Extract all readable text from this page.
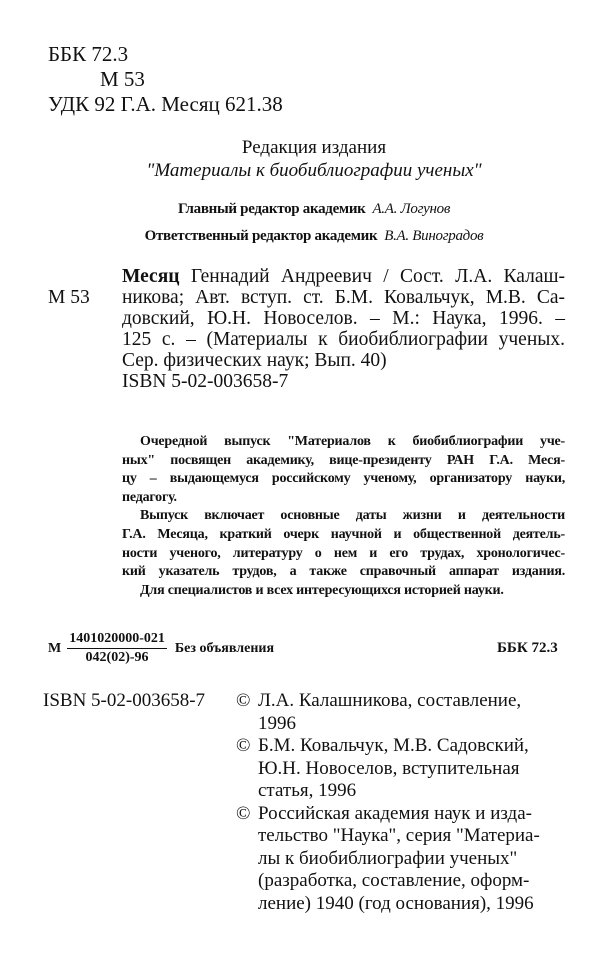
ББК 72.3
М 53
УДК 92 Г.А. Месяц 621.38
Редакция издания
"Материалы к биобиблиографии ученых"
Главный редактор академик А.А. Логунов
Ответственный редактор академик В.А. Виноградов
М 53
Месяц Геннадий Андреевич / Сост. Л.А. Калаш-
никова; Авт. вступ. ст. Б.М. Ковальчук, М.В. Са-
довский, Ю.Н. Новоселов. – М.: Наука, 1996. –
125 с. – (Материалы к биобиблиографии ученых.
Сер. физических наук; Вып. 40)
ISBN 5-02-003658-7
Очередной выпуск "Материалов к биобиблиографии уче-
ных" посвящен академику, вице-президенту РАН Г.А. Меся-
цу – выдающемуся российскому ученому, организатору науки,
педагогу.
Выпуск включает основные даты жизни и деятельности
Г.А. Месяца, краткий очерк научной и общественной деятель-
ности ученого, литературу о нем и его трудах, хронологичес-
кий указатель трудов, а также справочный аппарат издания.
Для специалистов и всех интересующихся историей науки.
М $\frac{1401020000-021}{042(02)-96}$ Без объявления	ББК 72.3
ISBN 5-02-003658-7 © Л.А. Калашникова, составление,
1996
© Б.М. Ковальчук, М.В. Садовский,
Ю.Н. Новоселов, вступительная
статья, 1996
© Российская академия наук и изда-
тельство "Наука", серия "Материа-
лы к биобиблиографии ученых"
(разработка, составление, оформ-
ление) 1940 (год основания), 1996
